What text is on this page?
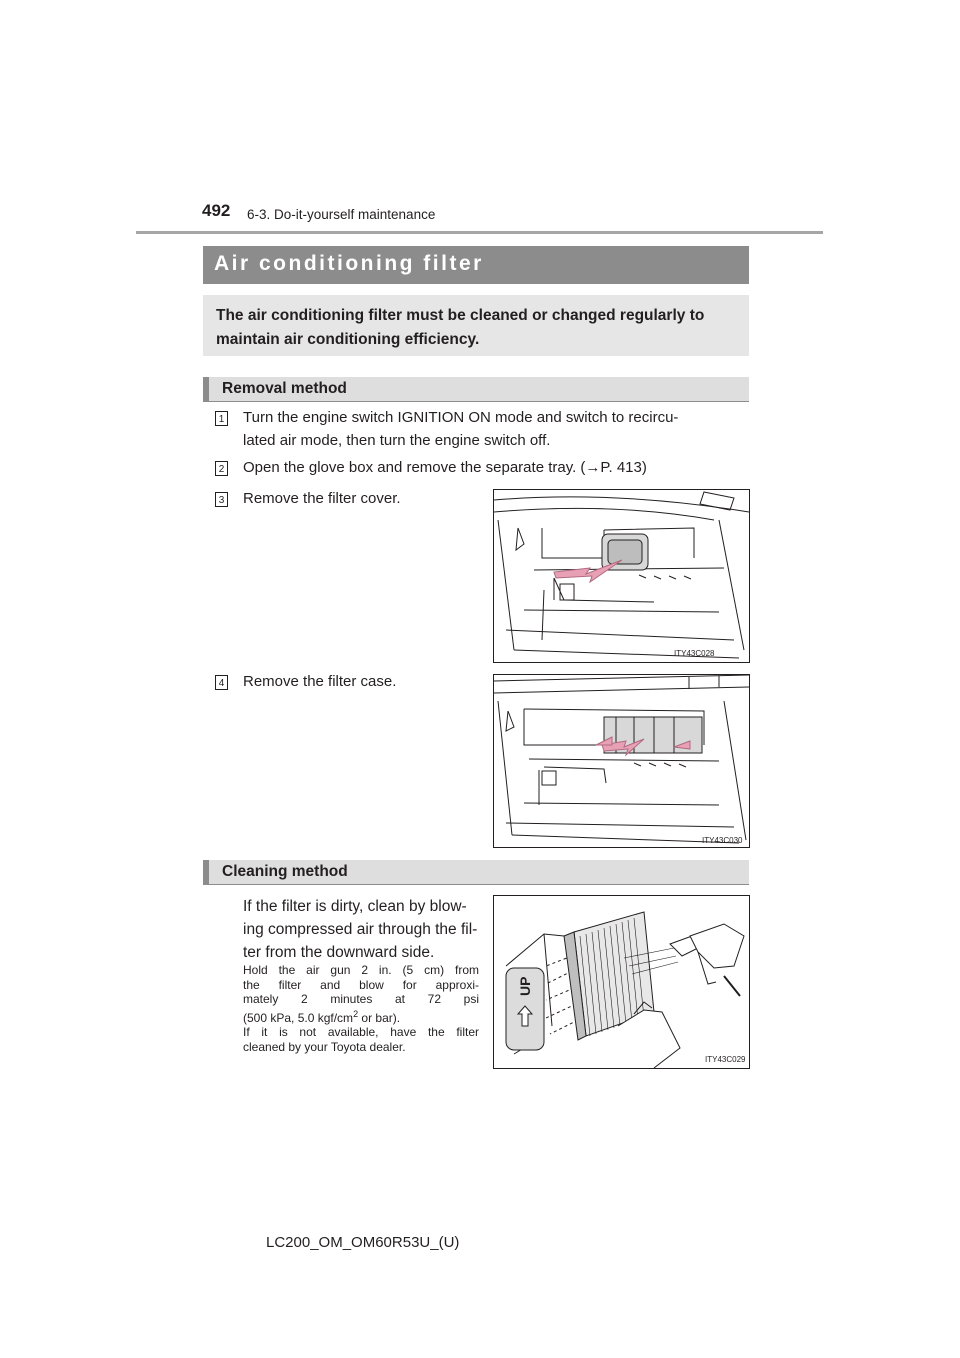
492 6-3. Do-it-yourself maintenance
Air conditioning filter
The air conditioning filter must be cleaned or changed regularly to maintain air conditioning efficiency.
Removal method
1 Turn the engine switch IGNITION ON mode and switch to recircu-
lated air mode, then turn the engine switch off.
2 Open the glove box and remove the separate tray. (→P. 413)
3 Remove the filter cover.
ITY43C028
4 Remove the filter case.
ITY43C030
Cleaning method
If the filter is dirty, clean by blow-
ing compressed air through the fil-
ter from the downward side.
Hold the air gun 2 in. (5 cm) from
the filter and blow for approxi-
mately 2 minutes at 72 psi
(500 kPa, 5.0 kgf/$cm^2$ or bar).
If it is not available, have the filter
cleaned by your Toyota dealer.
UP
ITY43C029
LC200_OM_OM60R53U_(U)
